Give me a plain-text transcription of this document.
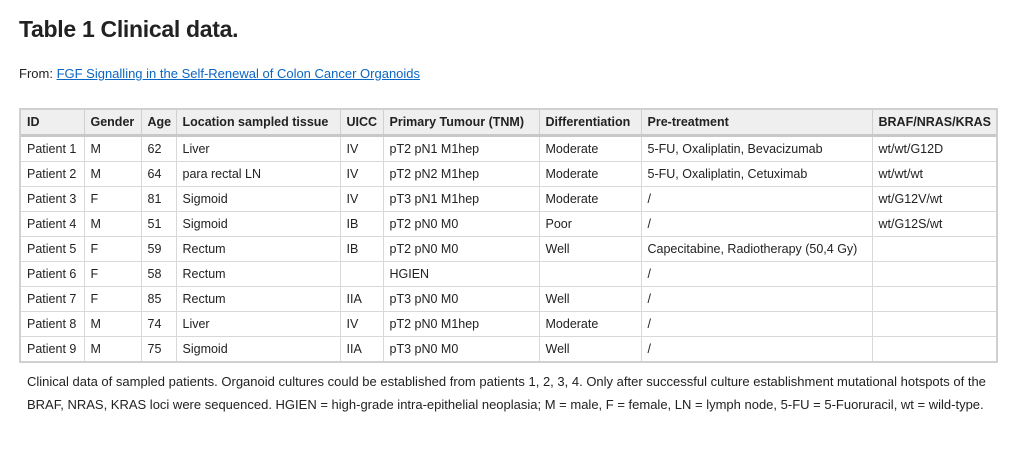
Table 1 Clinical data.
From: FGF Signalling in the Self-Renewal of Colon Cancer Organoids
ID	Gender	Age	Location sampled tissue	UICC	Primary Tumour (TNM)	Differentiation	Pre-treatment	BRAF/NRAS/KRAS
Patient 1	M	62	Liver	IV	pT2 pN1 M1hep	Moderate	5-FU, Oxaliplatin, Bevacizumab	wt/wt/G12D
Patient 2	M	64	para rectal LN	IV	pT2 pN2 M1hep	Moderate	5-FU, Oxaliplatin, Cetuximab	wt/wt/wt
Patient 3	F	81	Sigmoid	IV	pT3 pN1 M1hep	Moderate	/	wt/G12V/wt
Patient 4	M	51	Sigmoid	IB	pT2 pN0 M0	Poor	/	wt/G12S/wt
Patient 5	F	59	Rectum	IB	pT2 pN0 M0	Well	Capecitabine, Radiotherapy (50,4 Gy)	
Patient 6	F	58	Rectum		HGIEN		/	
Patient 7	F	85	Rectum	IIA	pT3 pN0 M0	Well	/	
Patient 8	M	74	Liver	IV	pT2 pN0 M1hep	Moderate	/	
Patient 9	M	75	Sigmoid	IIA	pT3 pN0 M0	Well	/	
Clinical data of sampled patients. Organoid cultures could be established from patients 1, 2, 3, 4. Only after successful culture establishment mutational hotspots of the BRAF, NRAS, KRAS loci were sequenced. HGIEN = high-grade intra-epithelial neoplasia; M = male, F = female, LN = lymph node, 5-FU = 5-Fuoruracil, wt = wild-type.
